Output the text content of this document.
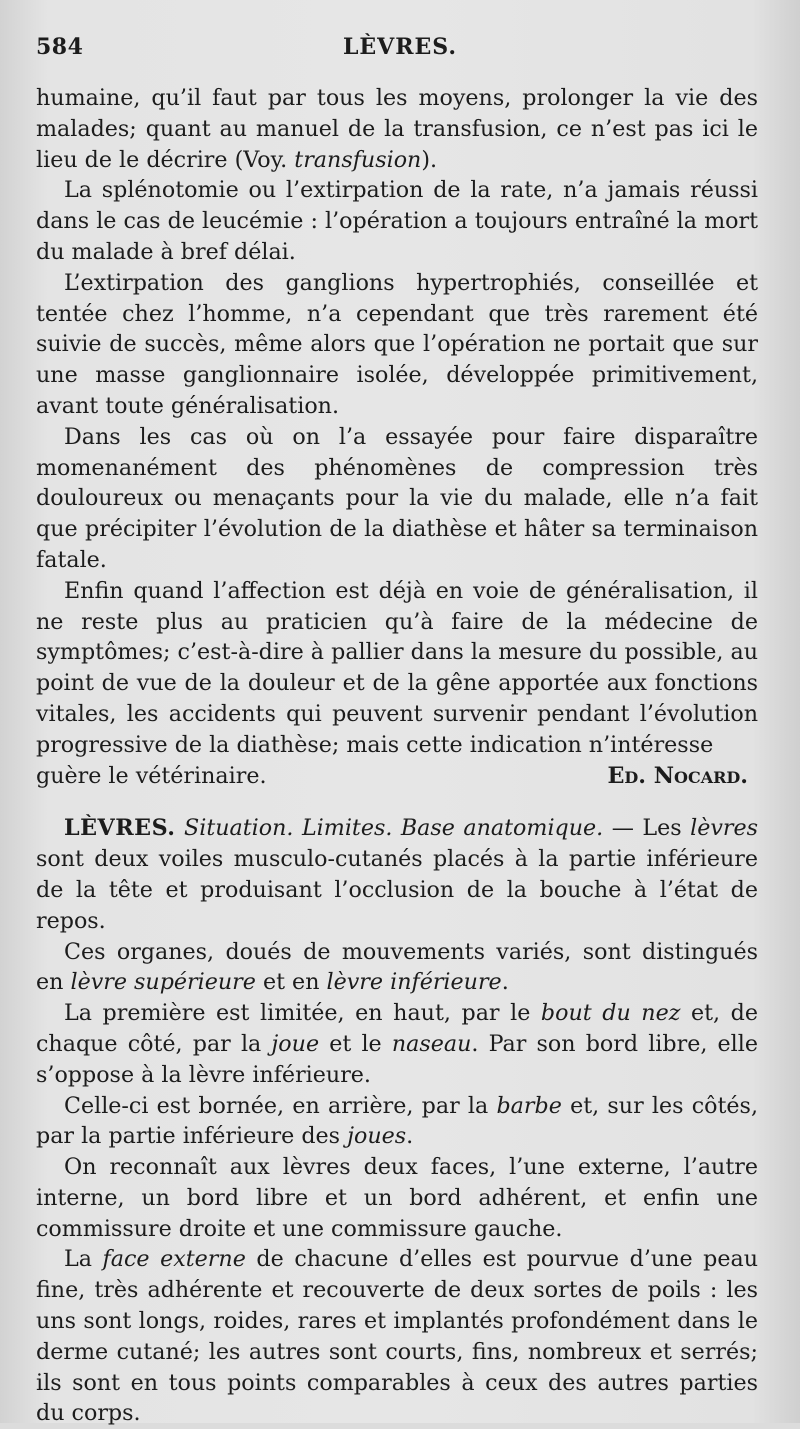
584	LÈVRES.

humaine, qu’il faut par tous les moyens, prolonger la vie des malades; quant au manuel de la transfusion, ce n’est pas ici le lieu de le décrire (Voy. transfusion).

La splénotomie ou l’extirpation de la rate, n’a jamais réussi dans le cas de leucémie : l’opération a toujours entraîné la mort du malade à bref délai.

L’extirpation des ganglions hypertrophiés, conseillée et tentée chez l’homme, n’a cependant que très rarement été suivie de succès, même alors que l’opération ne portait que sur une masse ganglionnaire isolée, développée primitivement, avant toute généralisation.

Dans les cas où on l’a essayée pour faire disparaître momenanément des phénomènes de compression très douloureux ou menaçants pour la vie du malade, elle n’a fait que précipiter l’évolution de la diathèse et hâter sa terminaison fatale.

Enfin quand l’affection est déjà en voie de généralisation, il ne reste plus au praticien qu’à faire de la médecine de symptômes; c’est-à-dire à pallier dans la mesure du possible, au point de vue de la douleur et de la gêne apportée aux fonctions vitales, les accidents qui peuvent survenir pendant l’évolution progressive de la diathèse; mais cette indication n’intéresse

guère le vétérinaire.	Ed. Nocard.

LÈVRES. Situation. Limites. Base anatomique. — Les lèvres sont deux voiles musculo-cutanés placés à la partie inférieure de la tête et produisant l’occlusion de la bouche à l’état de repos.

Ces organes, doués de mouvements variés, sont distingués en lèvre supérieure et en lèvre inférieure.

La première est limitée, en haut, par le bout du nez et, de chaque côté, par la joue et le naseau. Par son bord libre, elle s’oppose à la lèvre inférieure.

Celle-ci est bornée, en arrière, par la barbe et, sur les côtés, par la partie inférieure des joues.

On reconnaît aux lèvres deux faces, l’une externe, l’autre interne, un bord libre et un bord adhérent, et enfin une commissure droite et une commissure gauche.

La face externe de chacune d’elles est pourvue d’une peau fine, très adhérente et recouverte de deux sortes de poils : les uns sont longs, roides, rares et implantés profondément dans le derme cutané; les autres sont courts, fins, nombreux et serrés; ils sont en tous points comparables à ceux des autres parties du corps.
